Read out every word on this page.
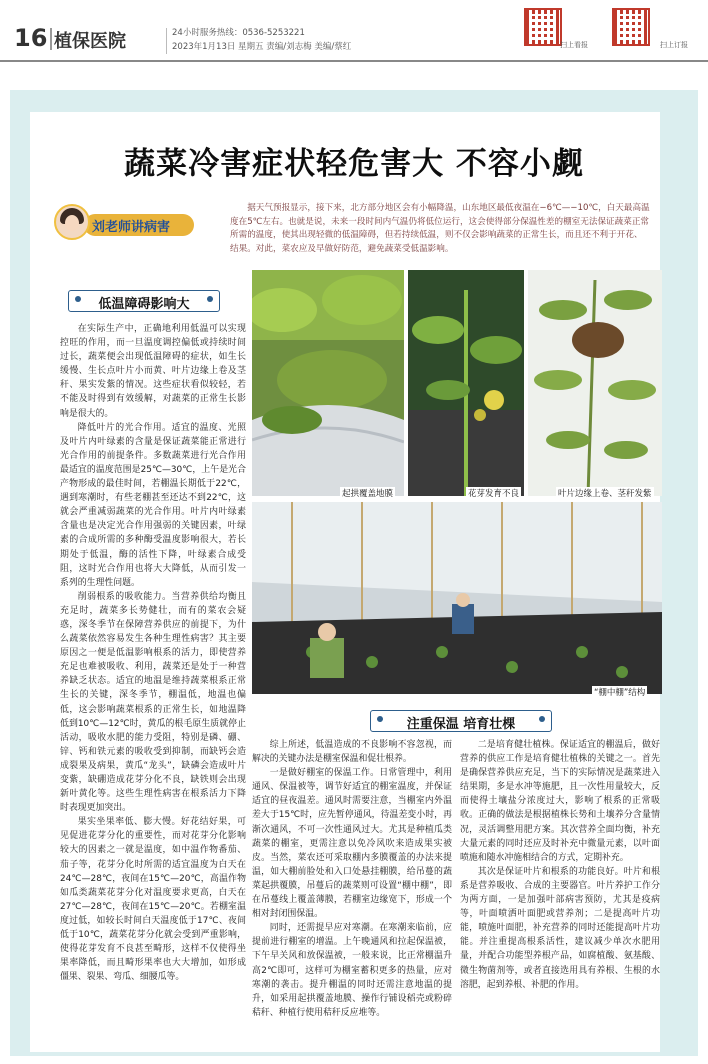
16 植保医院	24小时服务热线：0536-5253221
2023年1月13日 星期五 责编/刘志梅 美编/蔡红	扫上看报	扫上订报
蔬菜冷害症状轻危害大 不容小觑
刘老师讲病害
据天气预报显示，接下来，北方部分地区会有小幅降温，山东地区最低夜温在−6℃—−10℃，白天最高温度在5℃左右。也就是说，未来一段时间内气温仍将低位运行，这会使得部分保温性差的棚室无法保证蔬菜正常所需的温度，使其出现轻微的低温障碍，但若持续低温，则不仅会影响蔬菜的正常生长，而且还不利于开花、结果。对此，菜农应及早做好防范，避免蔬菜受低温影响。
低温障碍影响大

在实际生产中，正确地利用低温可以实现控旺的作用，而一旦温度调控偏低或持续时间过长，蔬菜便会出现低温障碍的症状，如生长缓慢、生长点叶片小而黄、叶片边缘上卷及茎秆、果实发紫的情况。这些症状看似较轻，若不能及时得到有效缓解，对蔬菜的正常生长影响是很大的。

降低叶片的光合作用。适宜的温度、光照及叶片内叶绿素的含量是保证蔬菜能正常进行光合作用的前提条件。多数蔬菜进行光合作用最适宜的温度范围是25℃—30℃，上午是光合产物形成的最佳时间，若棚温长期低于22℃，遇到寒潮时，有些老棚甚至还达不到22℃，这就会严重减弱蔬菜的光合作用。叶片内叶绿素含量也是决定光合作用强弱的关键因素，叶绿素的合成所需的多种酶受温度影响很大，若长期处于低温，酶的活性下降，叶绿素合成受阻，这时光合作用也将大大降低，从而引发一系列的生理性问题。

削弱根系的吸收能力。当营养供给均衡且充足时，蔬菜多长势健壮，而有的菜农会疑惑，深冬季节在保障营养供应的前提下，为什么蔬菜依然容易发生各种生理性病害？其主要原因之一便是低温影响根系的活力，即使营养充足也难被吸收、利用，蔬菜还是处于一种营养缺乏状态。适宜的地温是维持蔬菜根系正常生长的关键，深冬季节，棚温低，地温也偏低，这会影响蔬菜根系的正常生长，如地温降低到10℃—12℃时，黄瓜的根毛原生质就停止活动，吸收水肥的能力受阻，特别是磷、硼、锌、钙和铁元素的吸收受到抑制，而缺钙会造成裂果及病果，黄瓜“龙头”，缺磷会造成叶片变紫，缺硼造成花芽分化不良，缺铁则会出现新叶黄化等。这些生理性病害在根系活力下降时表现更加突出。

果实坐果率低、膨大慢。好花结好果，可见促进花芽分化的重要性，而对花芽分化影响较大的因素之一就是温度，如中温作物番茄、茄子等，花芽分化时所需的适宜温度为白天在24℃—28℃，夜间在15℃—20℃，高温作物如瓜类蔬菜花芽分化对温度要求更高，白天在27℃—28℃，夜间在15℃—20℃。若棚室温度过低，如较长时间白天温度低于17℃、夜间低于10℃，蔬菜花芽分化就会受到严重影响，使得花芽发育不良甚至畸形，这样不仅使得坐果率降低，而且畸形果率也大大增加，如形成僵果、裂果、弯瓜、细腰瓜等。

起拱覆盖地膜	花芽发育不良	叶片边缘上卷、茎秆发紫
“棚中棚”结构
注重保温 培育壮棵

综上所述，低温造成的不良影响不容忽视，而解决的关键办法是棚室保温和促壮根养。

一是做好棚室的保温工作。日常管理中，利用通风、保温被等，调节好适宜的棚室温度，并保证适宜的昼夜温差。通风时需要注意，当棚室内外温差大于15℃时，应先暂停通风，待温差变小时，再渐次通风，不可一次性通风过大。尤其是种植瓜类蔬菜的棚室，更需注意以免冷风吹来造成果实被皮。当然，菜农还可采取棚内多膜覆盖的办法来提温，如大棚前脸处和入口处悬挂棚膜，给吊蔓的蔬菜起拱覆膜，吊蔓后的蔬菜则可设置“棚中棚”，即在吊蔓线上覆盖薄膜，若棚室边缘宽下，形成一个相对封闭围保温。

同时，还需提早应对寒潮。在寒潮来临前，应提前进行棚室的增温。上午晚通风和拉起保温被，下午早关风和放保温被，一般来说，比正常棚温升高2℃即可，这样可为棚室蓄积更多的热量，应对寒潮的袭击。提升棚温的同时还需注意地温的提升，如采用起拱覆盖地膜、操作行铺设稻壳或粉碎秸秆、种植行使用秸秆反应堆等。

二是培育健壮植株。保证适宜的棚温后，做好营养的供应工作是培育健壮植株的关键之一。首先是确保营养供应充足，当下的实际情况是蔬菜进入结果期，多是水冲等施肥，且一次性用量较大，反而使得土壤盐分浓度过大，影响了根系的正常吸收。正确的做法是根据植株长势和土壤养分含量情况，灵活调整用肥方案。其次营养全面均衡，补充大量元素的同时还应及时补充中微量元素，以叶面喷施和随水冲施相结合的方式，定期补充。

其次是保证叶片和根系的功能良好。叶片和根系是营养吸收、合成的主要器官。叶片养护工作分为两方面，一是加强叶部病害预防，尤其是疫病等，叶面喷洒叶面肥或营养剂；二是提高叶片功能，喷施叶面肥，补充营养的同时还能提高叶片功能。并注重提高根系活性，建议减少单次水肥用量，并配合功能型养根产品，如腐植酸、氨基酸、微生物菌剂等，或者直接选用具有养根、生根的水溶肥，起到养根、补肥的作用。
